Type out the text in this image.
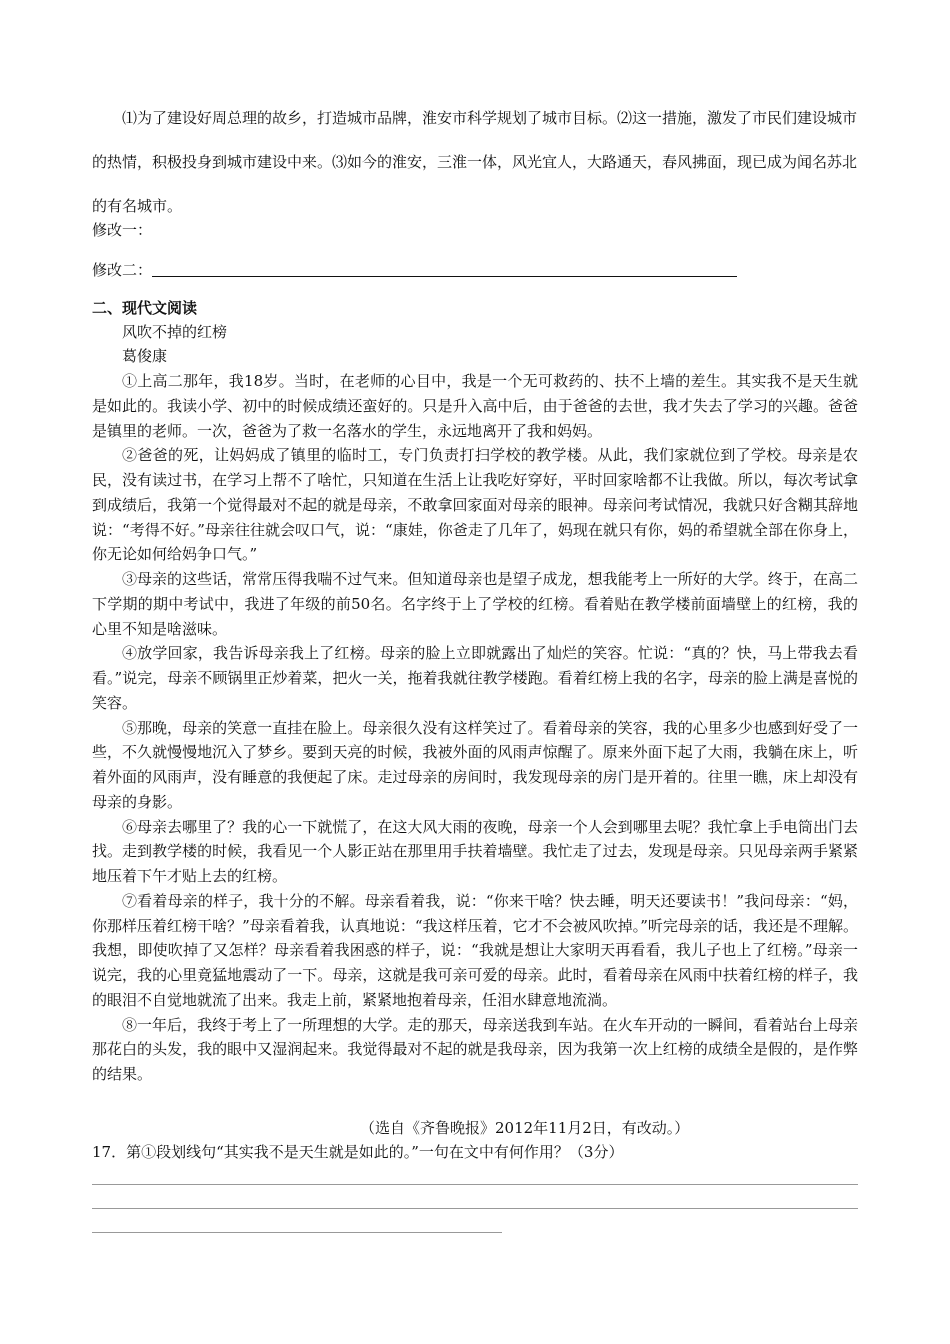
⑴为了建设好周总理的故乡，打造城市品牌，淮安市科学规划了城市目标。⑵这一措施，激发了市民们建设城市的热情，积极投身到城市建设中来。⑶如今的淮安，三淮一体，风光宜人，大路通天，春风拂面，现已成为闻名苏北的有名城市。

修改一：
修改二：
二、现代文阅读
风吹不掉的红榜
葛俊康

①上高二那年，我18岁。当时，在老师的心目中，我是一个无可救药的、扶不上墙的差生。其实我不是天生就是如此的。我读小学、初中的时候成绩还蛮好的。只是升入高中后，由于爸爸的去世，我才失去了学习的兴趣。爸爸是镇里的老师。一次，爸爸为了救一名落水的学生，永远地离开了我和妈妈。

②爸爸的死，让妈妈成了镇里的临时工，专门负责打扫学校的教学楼。从此，我们家就位到了学校。母亲是农民，没有读过书，在学习上帮不了啥忙，只知道在生活上让我吃好穿好，平时回家啥都不让我做。所以，每次考试拿到成绩后，我第一个觉得最对不起的就是母亲，不敢拿回家面对母亲的眼神。母亲问考试情况，我就只好含糊其辞地说：“考得不好。”母亲往往就会叹口气，说：“康娃，你爸走了几年了，妈现在就只有你，妈的希望就全部在你身上，你无论如何给妈争口气。”

③母亲的这些话，常常压得我喘不过气来。但知道母亲也是望子成龙，想我能考上一所好的大学。终于，在高二下学期的期中考试中，我进了年级的前50名。名字终于上了学校的红榜。看着贴在教学楼前面墙壁上的红榜，我的心里不知是啥滋味。

④放学回家，我告诉母亲我上了红榜。母亲的脸上立即就露出了灿烂的笑容。忙说：“真的？快，马上带我去看看。”说完，母亲不顾锅里正炒着菜，把火一关，拖着我就往教学楼跑。看着红榜上我的名字，母亲的脸上满是喜悦的笑容。

⑤那晚，母亲的笑意一直挂在脸上。母亲很久没有这样笑过了。看着母亲的笑容，我的心里多少也感到好受了一些，不久就慢慢地沉入了梦乡。要到天亮的时候，我被外面的风雨声惊醒了。原来外面下起了大雨，我躺在床上，听着外面的风雨声，没有睡意的我便起了床。走过母亲的房间时，我发现母亲的房门是开着的。往里一瞧，床上却没有母亲的身影。

⑥母亲去哪里了？我的心一下就慌了，在这大风大雨的夜晚，母亲一个人会到哪里去呢？我忙拿上手电筒出门去找。走到教学楼的时候，我看见一个人影正站在那里用手扶着墙壁。我忙走了过去，发现是母亲。只见母亲两手紧紧地压着下午才贴上去的红榜。

⑦看着母亲的样子，我十分的不解。母亲看着我，说：“你来干啥？快去睡，明天还要读书！”我问母亲：“妈，你那样压着红榜干啥？”母亲看着我，认真地说：“我这样压着，它才不会被风吹掉。”听完母亲的话，我还是不理解。我想，即使吹掉了又怎样？母亲看着我困惑的样子，说：“我就是想让大家明天再看看，我儿子也上了红榜。”母亲一说完，我的心里竟猛地震动了一下。母亲，这就是我可亲可爱的母亲。此时，看着母亲在风雨中扶着红榜的样子，我的眼泪不自觉地就流了出来。我走上前，紧紧地抱着母亲，任泪水肆意地流淌。

⑧一年后，我终于考上了一所理想的大学。走的那天，母亲送我到车站。在火车开动的一瞬间，看着站台上母亲那花白的头发，我的眼中又湿润起来。我觉得最对不起的就是我母亲，因为我第一次上红榜的成绩全是假的，是作弊的结果。

（选自《齐鲁晚报》2012年11月2日，有改动。）
17．第①段划线句“其实我不是天生就是如此的。”一句在文中有何作用？（3分）
